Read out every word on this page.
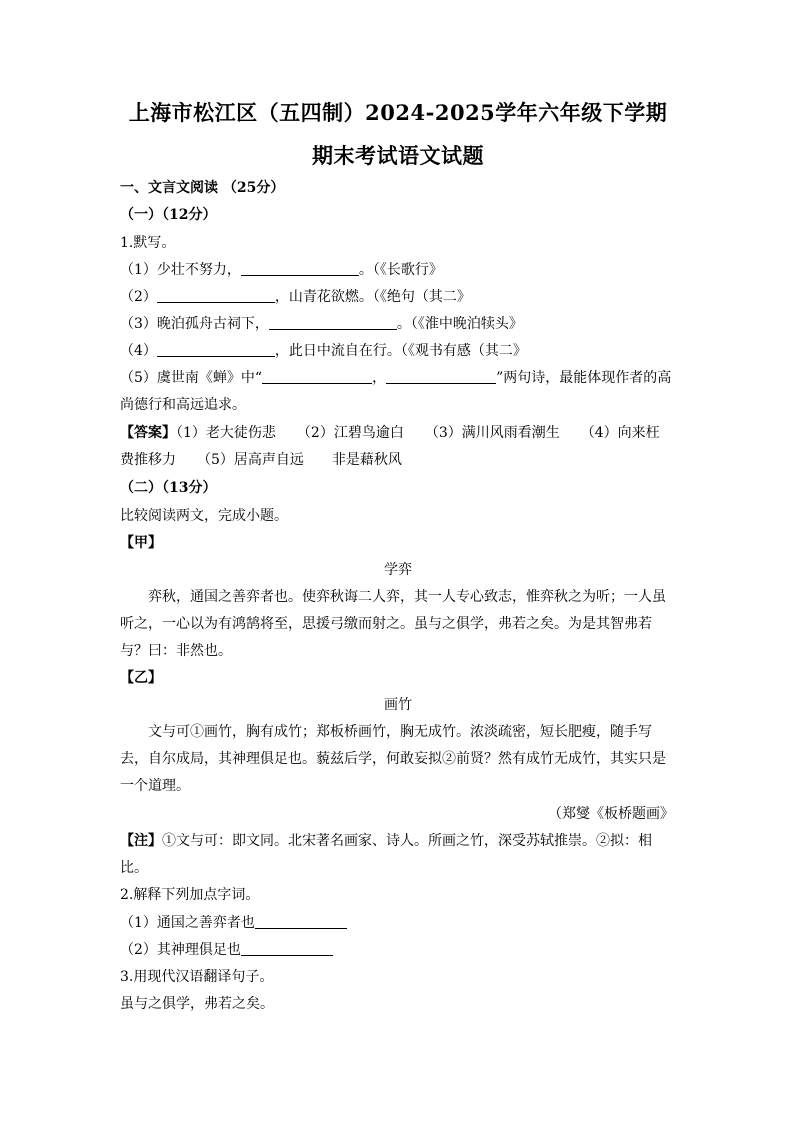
上海市松江区（五四制）2024-2025学年六年级下学期
期末考试语文试题
一、文言文阅读 （25分）
（一）（12分）
1.默写。
（1）少壮不努力，	。（《长歌行》
（2）	，山青花欲燃。（《绝句（其二》
（3）晚泊孤舟古祠下，	。（《淮中晚泊犊头》
（4）	，此日中流自在行。（《观书有感（其二》
（5）虞世南《蝉》中“	，	”两句诗，最能体现作者的高
尚德行和高远追求。
【答案】（1）老大徒伤悲　　（2）江碧鸟逾白　　（3）满川风雨看潮生　　（4）向来枉
费推移力　　（5）居高声自远　　非是藉秋风
（二）（13分）
比较阅读两文，完成小题。
【甲】
学弈
弈秋，通国之善弈者也。使弈秋诲二人弈，其一人专心致志，惟弈秋之为听；一人虽
听之，一心以为有鸿鹄将至，思援弓缴而射之。虽与之俱学，弗若之矣。为是其智弗若
与？曰：非然也。
【乙】
画竹
文与可①画竹，胸有成竹；郑板桥画竹，胸无成竹。浓淡疏密，短长肥瘦，随手写
去，自尔成局，其神理俱足也。藐兹后学，何敢妄拟②前贤？然有成竹无成竹，其实只是
一个道理。
（郑燮《板桥题画》
【注】①文与可：即文同。北宋著名画家、诗人。所画之竹，深受苏轼推崇。②拟：相
比。
2.解释下列加点字词。
（1）通国之善弈者也
（2）其神理俱足也
3.用现代汉语翻译句子。
虽与之俱学，弗若之矣。
